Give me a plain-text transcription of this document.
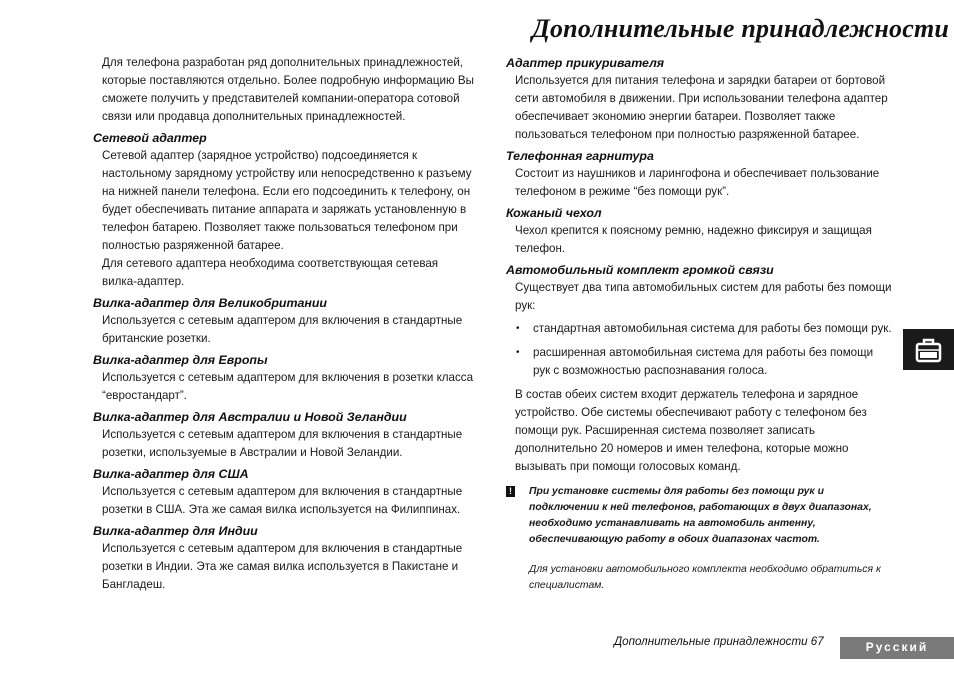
Дополнительные принадлежности

Для телефона разработан ряд дополнительных принадлежностей, которые поставляются отдельно. Более подробную информацию Вы сможете получить у представителей компании-оператора сотовой связи или продавца дополнительных принадлежностей.

Сетевой адаптер

Сетевой адаптер (зарядное устройство) подсоединяется к настольному зарядному устройству или непосредственно к разъему на нижней панели телефона. Если его подсоединить к телефону, он будет обеспечивать питание аппарата и заряжать установленную в телефон батарею. Позволяет также пользоваться телефоном при полностью разряженной батарее.

Для сетевого адаптера необходима соответствующая сетевая вилка-адаптер.

Вилка-адаптер для Великобритании

Используется с сетевым адаптером для включения в стандартные британские розетки.

Вилка-адаптер для Европы

Используется с сетевым адаптером для включения в розетки класса “евростандарт”.

Вилка-адаптер для Австралии и Новой Зеландии

Используется с сетевым адаптером для включения в стандартные розетки, используемые в Австралии и Новой Зеландии.

Вилка-адаптер для США

Используется с сетевым адаптером для включения в стандартные розетки в США. Эта же самая вилка используется на Филиппинах.

Вилка-адаптер для Индии

Используется с сетевым адаптером для включения в стандартные розетки в Индии. Эта же самая вилка используется в Пакистане и Бангладеш.

Адаптер прикуривателя

Используется для питания телефона и зарядки батареи от бортовой сети автомобиля в движении. При использовании телефона адаптер обеспечивает экономию энергии батареи. Позволяет также пользоваться телефоном при полностью разряженной батарее.

Телефонная гарнитура

Состоит из наушников и ларингофона и обеспечивает пользование телефоном в режиме “без помощи рук”.

Кожаный чехол

Чехол крепится к поясному ремню, надежно фиксируя и защищая телефон.

Автомобильный комплект громкой связи

Существует два типа автомобильных систем для работы без помощи рук:

• стандартная автомобильная система для работы без помощи рук.
• расширенная автомобильная система для работы без помощи рук с возможностью распознавания голоса.

В состав обеих систем входит держатель телефона и зарядное устройство. Обе системы обеспечивают работу с телефоном без помощи рук. Расширенная система позволяет записать дополнительно 20 номеров и имен телефона, которые можно вызывать при помощи голосовых команд.

! При установке системы для работы без помощи рук и подключении к ней телефонов, работающих в двух диапазонах, необходимо устанавливать на автомобиль антенну, обеспечивающую работу в обоих диапазонах частот.

Для установки автомобильного комплекта необходимо обратиться к специалистам.

Дополнительные принадлежности 67	Русский
